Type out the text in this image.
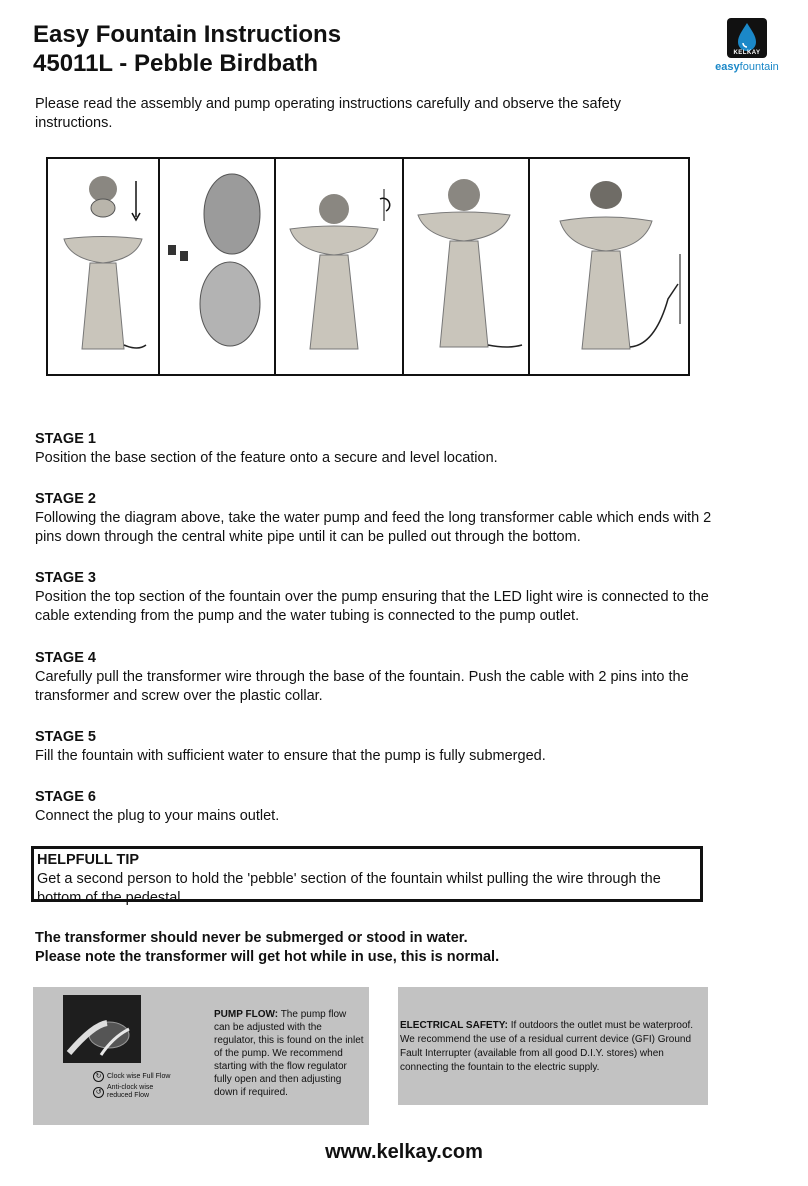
Easy Fountain Instructions
45011L - Pebble Birdbath	KELKAY
easyfountain
Please read the assembly and pump operating instructions carefully and observe the safety instructions.

STAGE 1

Position the base section of the feature onto a secure and level location.

STAGE 2

Following the diagram above, take the water pump and feed the long transformer cable which ends with 2 pins down through the central white pipe until it can be pulled out through the bottom.

STAGE 3

Position the top section of the fountain over the pump ensuring that the LED light wire is connected to the cable extending from the pump and the water tubing is connected to the pump outlet.

STAGE 4

Carefully pull the transformer wire through the base of the fountain. Push the cable with 2 pins into the transformer and screw over the plastic collar.

STAGE 5

Fill the fountain with sufficient water to ensure that the pump is fully submerged.

STAGE 6

Connect the plug to your mains outlet.

HELPFULL TIP
Get a second person to hold the 'pebble' section of the fountain whilst pulling the wire through the bottom of the pedestal.
The transformer should never be submerged or stood in water.
Please note the transformer will get hot while in use, this is normal.
↻ Clock wise Full Flow
↺
Anti-clock wise
reduced Flow
PUMP FLOW: The pump flow can be adjusted with the regulator, this is found on the inlet of the pump. We recommend starting with the flow regulator fully open and then adjusting down if required.
ELECTRICAL SAFETY: If outdoors the outlet must be waterproof. We recommend the use of a residual current device (GFI) Ground Fault Interrupter (available from all good D.I.Y. stores) when connecting the fountain to the electric supply.
www.kelkay.com
